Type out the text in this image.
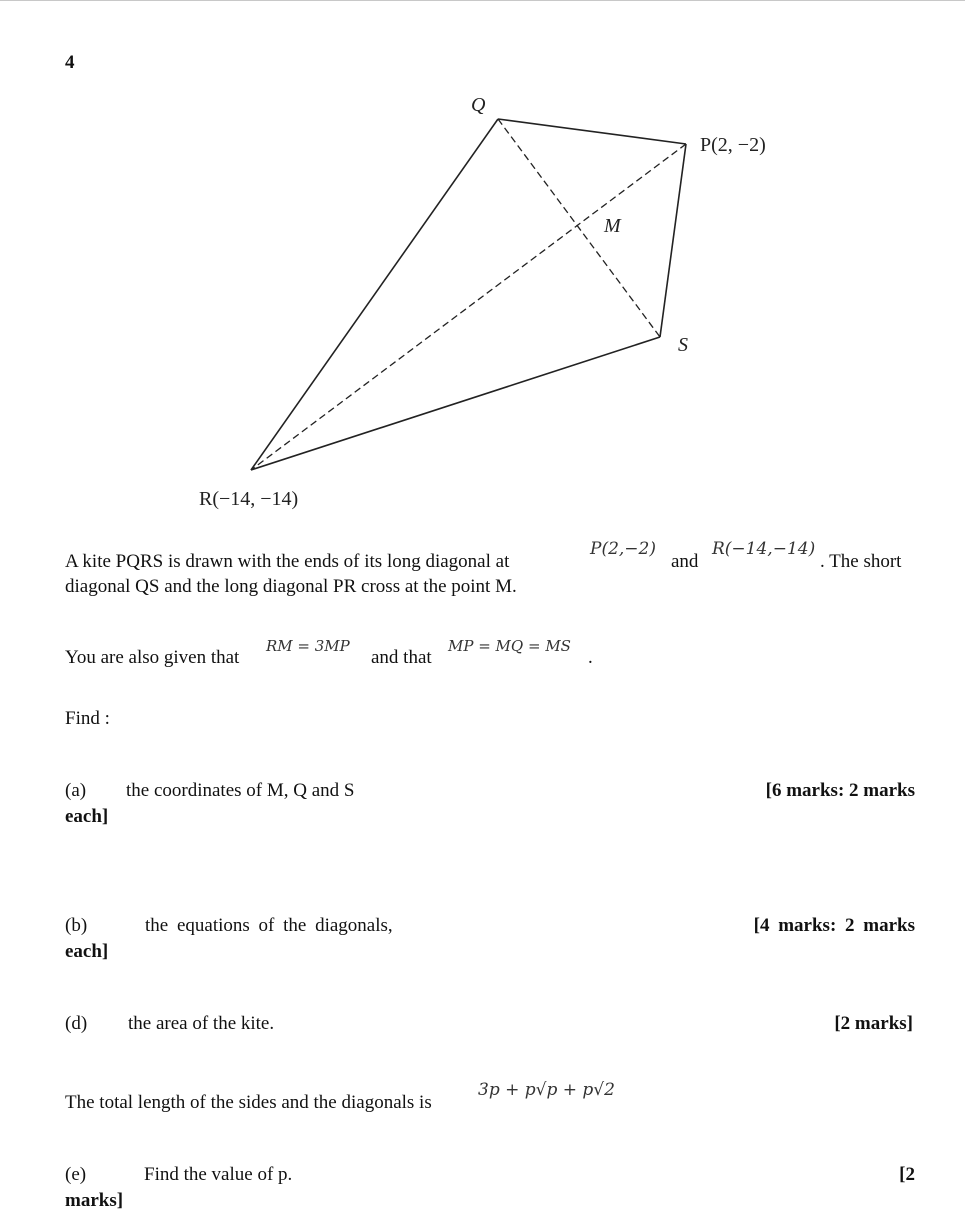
4
Q
P(2, −2)
M
S
R(−14, −14)
A kite PQRS is drawn with the ends of its long diagonal at
P(2,−2)
and
R(−14,−14)
. The short
diagonal QS and the long diagonal PR cross at the point M.
You are also given that
RM = 3MP
and that
MP = MQ = MS
.
Find :
(a) the coordinates of M, Q and S	[6 marks: 2 marks
each]
(b)	the equations of the diagonals,	[4 marks: 2 marks
each]
(d) the area of the kite.	[2 marks]
The total length of the sides and the diagonals is
3p + p√p + p√2
(e)	Find the value of p.	[2
marks]
